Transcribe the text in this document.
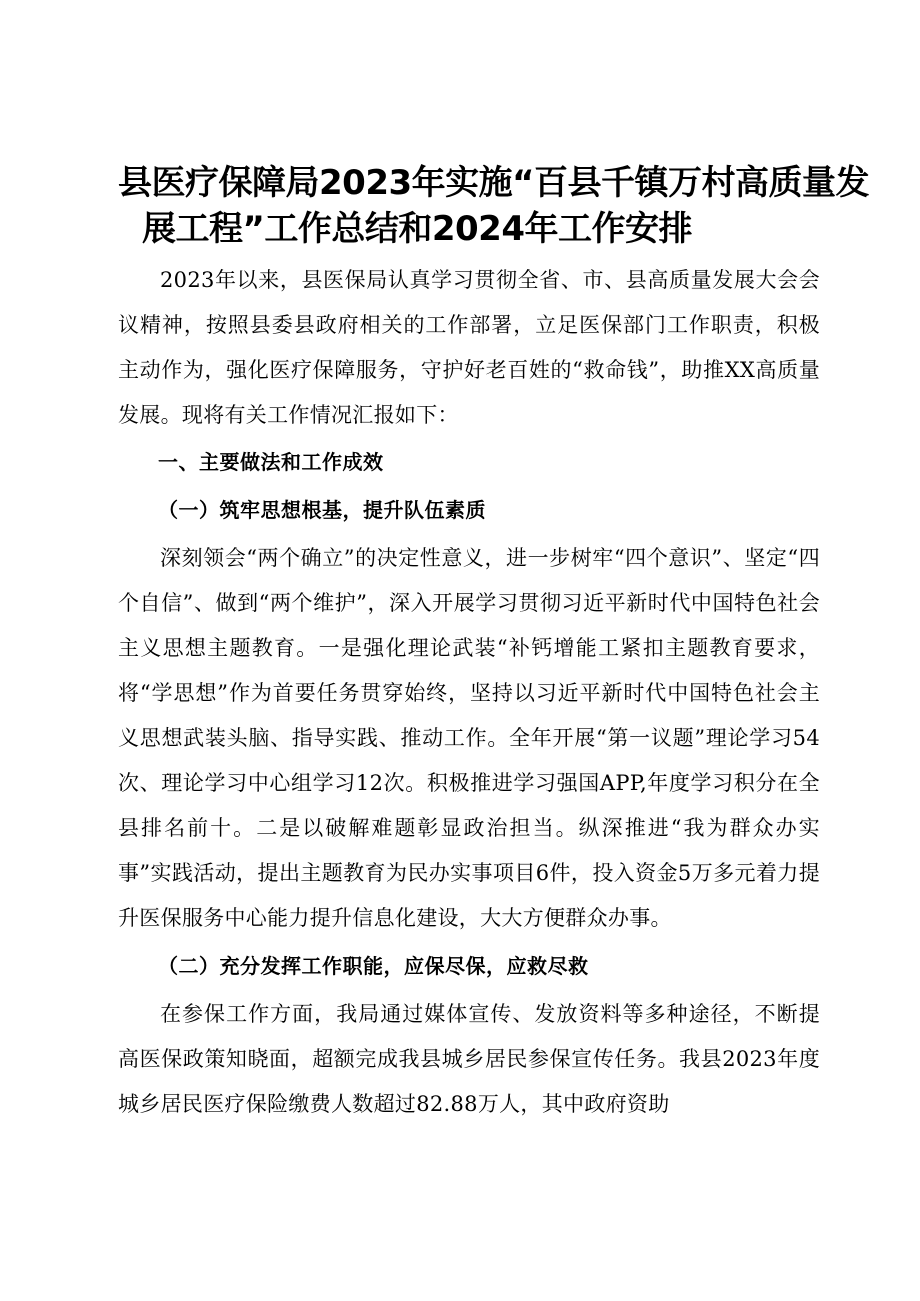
县医疗保障局2023年实施“百县千镇万村高质量发
展工程”工作总结和2024年工作安排

2023年以来，县医保局认真学习贯彻全省、市、县高质量发展大会会议精神，按照县委县政府相关的工作部署，立足医保部门工作职责，积极主动作为，强化医疗保障服务，守护好老百姓的“救命钱”，助推XX高质量发展。现将有关工作情况汇报如下：

一、主要做法和工作成效

（一）筑牢思想根基，提升队伍素质

深刻领会“两个确立”的决定性意义，进一步树牢“四个意识”、坚定“四个自信”、做到“两个维护”，深入开展学习贯彻习近平新时代中国特色社会主义思想主题教育。一是强化理论武装“补钙增能工紧扣主题教育要求，将“学思想”作为首要任务贯穿始终，坚持以习近平新时代中国特色社会主义思想武装头脑、指导实践、推动工作。全年开展“第一议题”理论学习54次、理论学习中心组学习12次。积极推进学习强国APP,年度学习积分在全县排名前十。二是以破解难题彰显政治担当。纵深推进“我为群众办实事”实践活动，提出主题教育为民办实事项目6件，投入资金5万多元着力提升医保服务中心能力提升信息化建设，大大方便群众办事。

（二）充分发挥工作职能，应保尽保，应救尽救

在参保工作方面，我局通过媒体宣传、发放资料等多种途径，不断提高医保政策知晓面，超额完成我县城乡居民参保宣传任务。我县2023年度城乡居民医疗保险缴费人数超过82.88万人，其中政府资助
